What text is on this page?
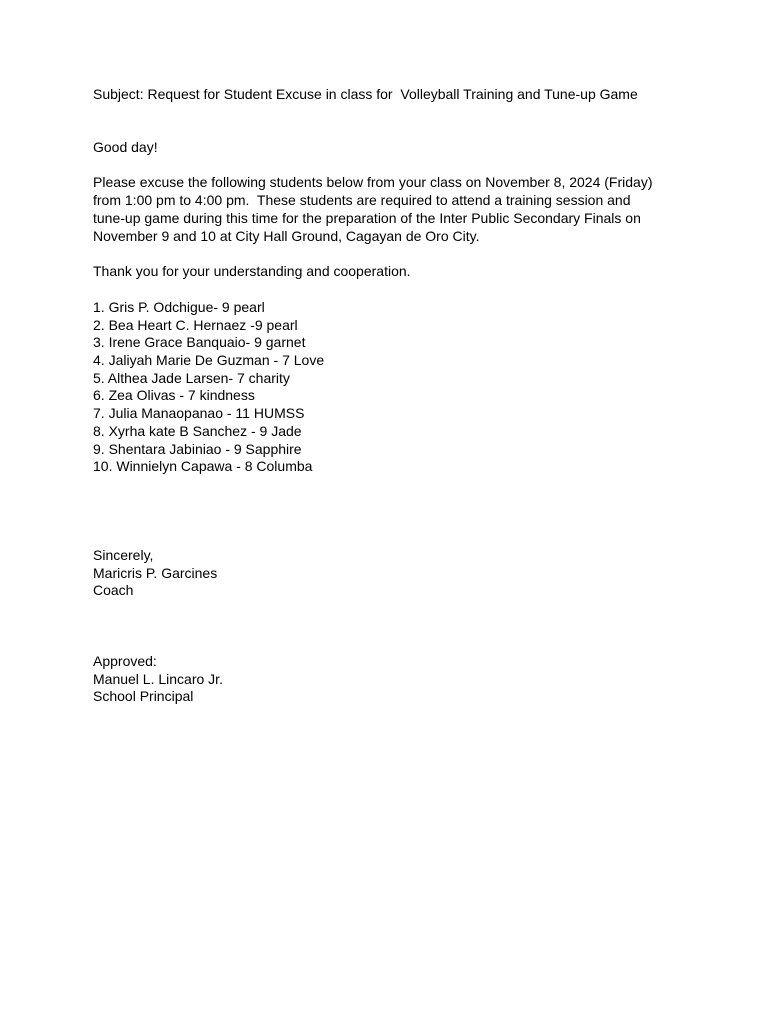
Subject: Request for Student Excuse in class for  Volleyball Training and Tune-up Game
Good day!
Please excuse the following students below from your class on November 8, 2024 (Friday)
from 1:00 pm to 4:00 pm.  These students are required to attend a training session and
tune-up game during this time for the preparation of the Inter Public Secondary Finals on
November 9 and 10 at City Hall Ground, Cagayan de Oro City.
Thank you for your understanding and cooperation.
1. Gris P. Odchigue- 9 pearl
2. Bea Heart C. Hernaez -9 pearl
3. Irene Grace Banquaio- 9 garnet
4. Jaliyah Marie De Guzman - 7 Love
5. Althea Jade Larsen- 7 charity
6. Zea Olivas - 7 kindness
7. Julia Manaopanao - 11 HUMSS
8. Xyrha kate B Sanchez - 9 Jade
9. Shentara Jabiniao - 9 Sapphire
10. Winnielyn Capawa - 8 Columba
Sincerely,
Maricris P. Garcines
Coach
Approved:
Manuel L. Lincaro Jr.
School Principal
